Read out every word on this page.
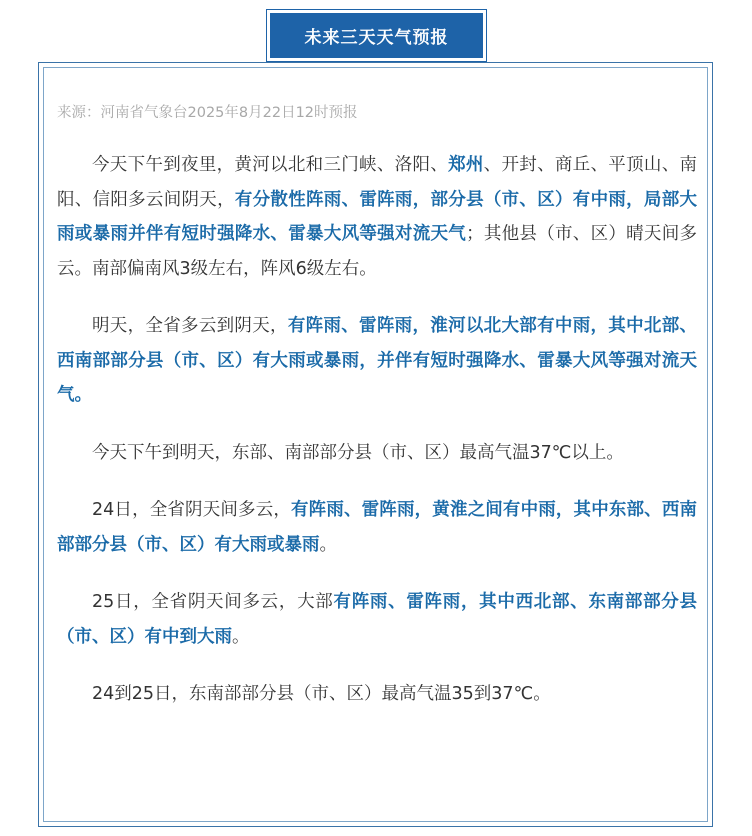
未来三天天气预报

来源：河南省气象台2025年8月22日12时预报

今天下午到夜里，黄河以北和三门峡、洛阳、郑州、开封、商丘、平顶山、南阳、信阳多云间阴天，有分散性阵雨、雷阵雨，部分县（市、区）有中雨，局部大雨或暴雨并伴有短时强降水、雷暴大风等强对流天气；其他县（市、区）晴天间多云。南部偏南风3级左右，阵风6级左右。

明天，全省多云到阴天，有阵雨、雷阵雨，淮河以北大部有中雨，其中北部、西南部部分县（市、区）有大雨或暴雨，并伴有短时强降水、雷暴大风等强对流天气。

今天下午到明天，东部、南部部分县（市、区）最高气温37℃以上。

24日，全省阴天间多云，有阵雨、雷阵雨，黄淮之间有中雨，其中东部、西南部部分县（市、区）有大雨或暴雨。

25日，全省阴天间多云，大部有阵雨、雷阵雨，其中西北部、东南部部分县（市、区）有中到大雨。

24到25日，东南部部分县（市、区）最高气温35到37℃。
